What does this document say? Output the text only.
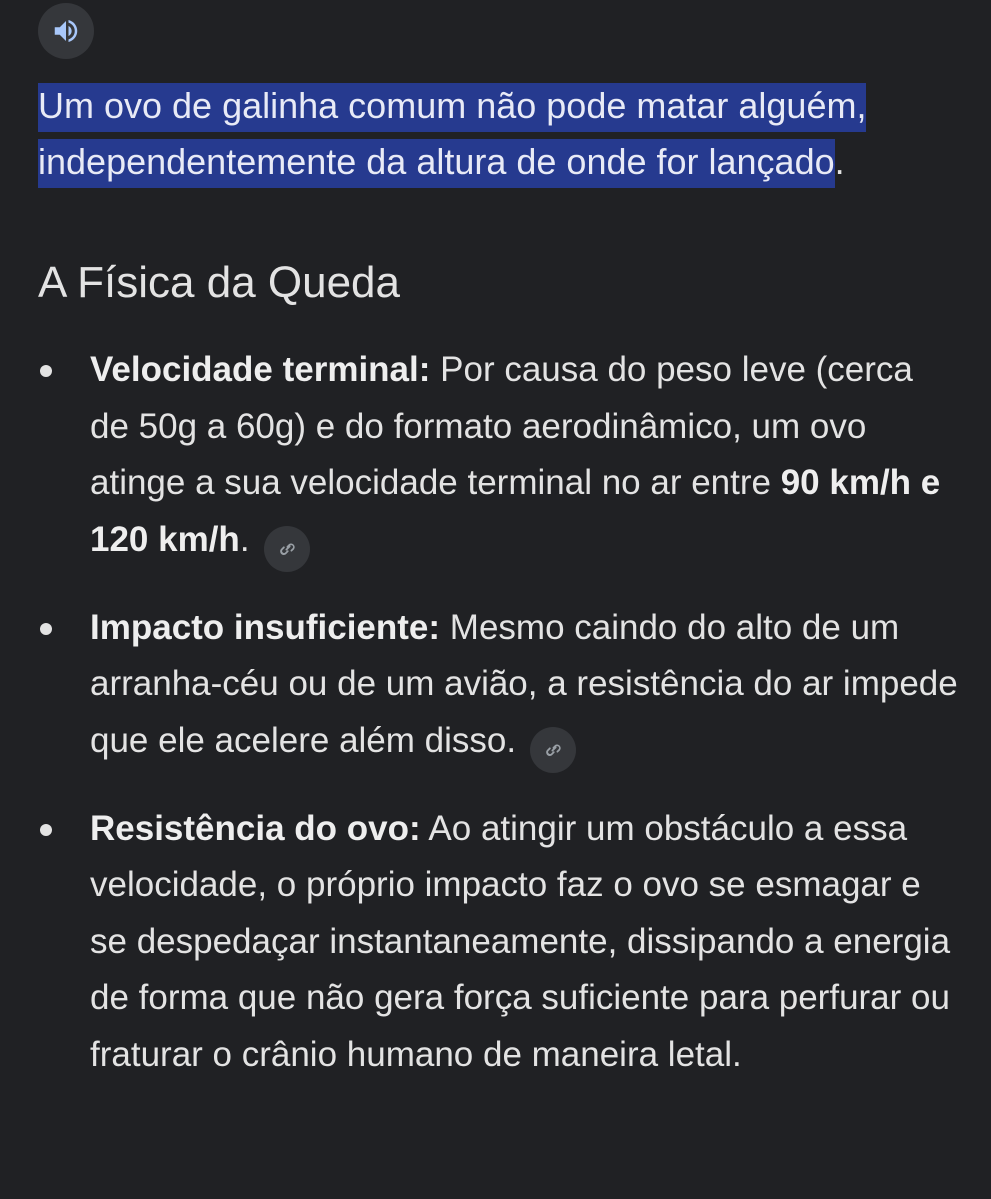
Um ovo de galinha comum não pode matar alguém, independentemente da altura de onde for lançado.

A Física da Queda
Velocidade terminal: Por causa do peso leve (cerca de 50g a 60g) e do formato aerodinâmico, um ovo atinge a sua velocidade terminal no ar entre 90 km/h e 120 km/h.
Impacto insuficiente: Mesmo caindo do alto de um arranha-céu ou de um avião, a resistência do ar impede que ele acelere além disso.
Resistência do ovo: Ao atingir um obstáculo a essa velocidade, o próprio impacto faz o ovo se esmagar e se despedaçar instantaneamente, dissipando a energia de forma que não gera força suficiente para perfurar ou fraturar o crânio humano de maneira letal.
